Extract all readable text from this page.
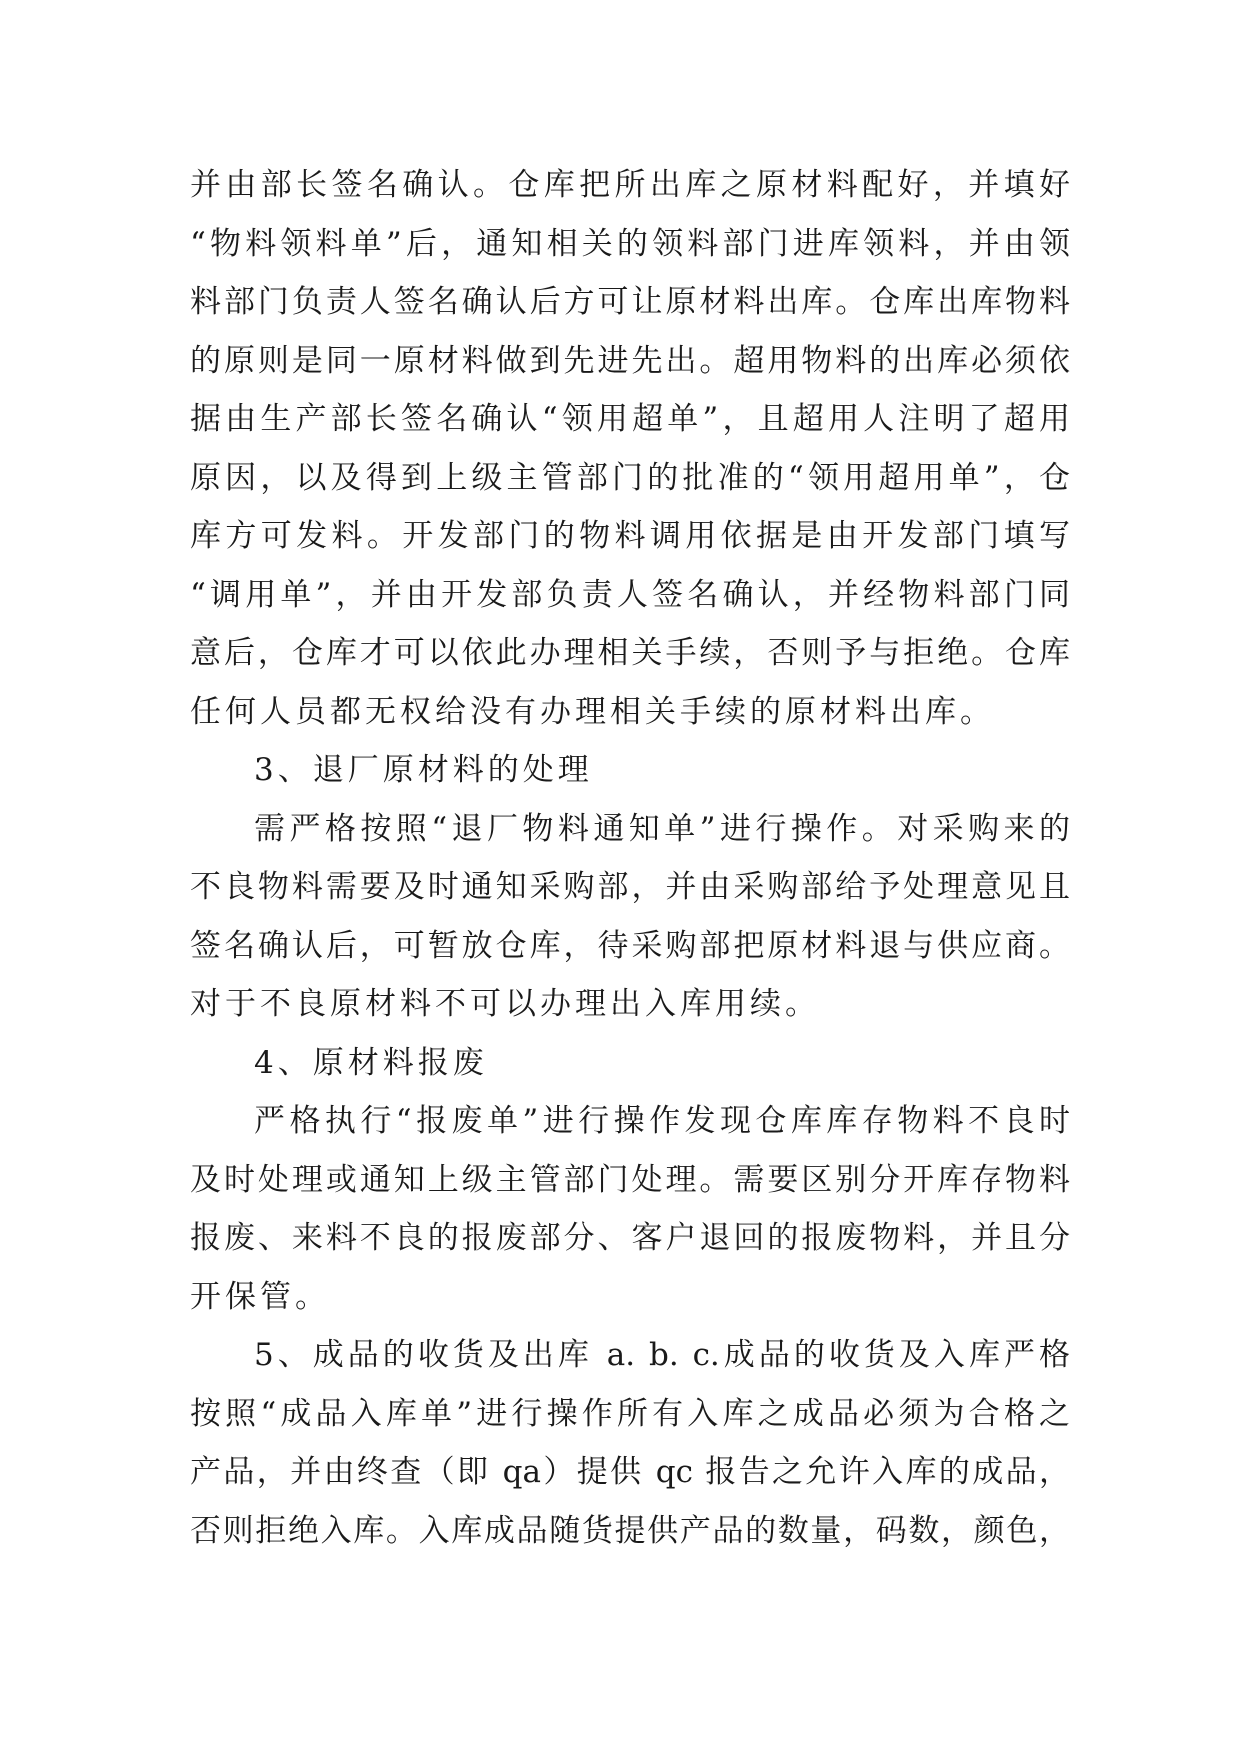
并由部长签名确认。仓库把所出库之原材料配好，并填好
“物料领料单”后，通知相关的领料部门进库领料，并由领
料部门负责人签名确认后方可让原材料出库。仓库出库物料
的原则是同一原材料做到先进先出。超用物料的出库必须依
据由生产部长签名确认“领用超单”，且超用人注明了超用
原因，以及得到上级主管部门的批准的“领用超用单”，仓
库方可发料。开发部门的物料调用依据是由开发部门填写
“调用单”，并由开发部负责人签名确认，并经物料部门同
意后，仓库才可以依此办理相关手续，否则予与拒绝。仓库
任何人员都无权给没有办理相关手续的原材料出库。
3、退厂原材料的处理
需严格按照“退厂物料通知单”进行操作。对采购来的
不良物料需要及时通知采购部，并由采购部给予处理意见且
签名确认后，可暂放仓库，待采购部把原材料退与供应商。
对于不良原材料不可以办理出入库用续。
4、原材料报废
严格执行“报废单”进行操作发现仓库库存物料不良时
及时处理或通知上级主管部门处理。需要区别分开库存物料
报废、来料不良的报废部分、客户退回的报废物料，并且分
开保管。
5、成品的收货及出库 a. b. c.成品的收货及入库严格
按照“成品入库单”进行操作所有入库之成品必须为合格之
产品，并由终查（即 qa）提供 qc 报告之允许入库的成品，
否则拒绝入库。入库成品随货提供产品的数量，码数，颜色，
